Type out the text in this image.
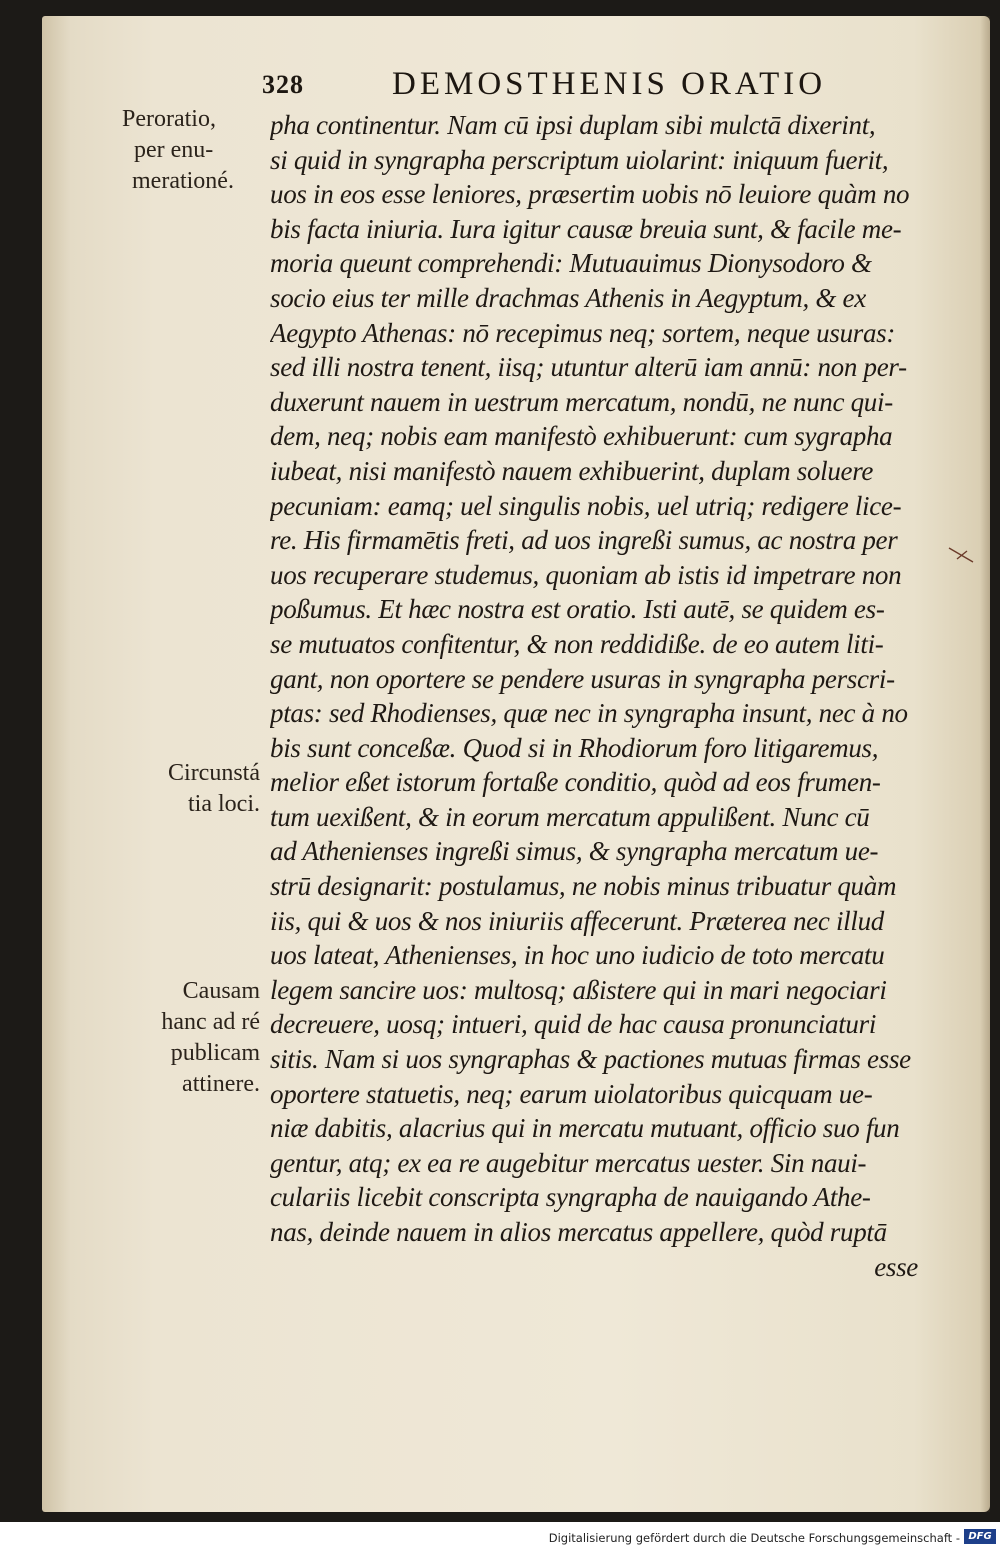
328	DEMOSTHENIS ORATIO
Peroratio,
per enu-
merationé.
Circunstá
tia loci.
Causam
hanc ad ré
publicam
attinere.
pha continentur. Nam cū ipsi duplam sibi mulctā dixerint,
si quid in syngrapha perscriptum uiolarint: iniquum fuerit,
uos in eos esse leniores, præsertim uobis nō leuiore quàm no
bis facta iniuria. Iura igitur causæ breuia sunt, & facile me-
moria queunt comprehendi: Mutuauimus Dionysodoro &
socio eius ter mille drachmas Athenis in Aegyptum, & ex
Aegypto Athenas: nō recepimus neq; sortem, neque usuras:
sed illi nostra tenent, iisq; utuntur alterū iam annū: non per-
duxerunt nauem in uestrum mercatum, nondū, ne nunc qui-
dem, neq; nobis eam manifestò exhibuerunt: cum sygrapha
iubeat, nisi manifestò nauem exhibuerint, duplam soluere
pecuniam: eamq; uel singulis nobis, uel utriq; redigere lice-
re. His firmamētis freti, ad uos ingreßi sumus, ac nostra per
uos recuperare studemus, quoniam ab istis id impetrare non
poßumus. Et hæc nostra est oratio. Isti autē, se quidem es-
se mutuatos confitentur, & non reddidiße. de eo autem liti-
gant, non oportere se pendere usuras in syngrapha perscri-
ptas: sed Rhodienses, quæ nec in syngrapha insunt, nec à no
bis sunt conceßæ. Quod si in Rhodiorum foro litigaremus,
melior eßet istorum fortaße conditio, quòd ad eos frumen-
tum uexißent, & in eorum mercatum appulißent. Nunc cū
ad Athenienses ingreßi simus, & syngrapha mercatum ue-
strū designarit: postulamus, ne nobis minus tribuatur quàm
iis, qui & uos & nos iniuriis affecerunt. Præterea nec illud
uos lateat, Athenienses, in hoc uno iudicio de toto mercatu
legem sancire uos: multosq; aßistere qui in mari negociari
decreuere, uosq; intueri, quid de hac causa pronunciaturi
sitis. Nam si uos syngraphas & pactiones mutuas firmas esse
oportere statuetis, neq; earum uiolatoribus quicquam ue-
niæ dabitis, alacrius qui in mercatu mutuant, officio suo fun
gentur, atq; ex ea re augebitur mercatus uester. Sin naui-
culariis licebit conscripta syngrapha de nauigando Athe-
nas, deinde nauem in alios mercatus appellere, quòd ruptā
esse
Digitalisierung gefördert durch die Deutsche Forschungsgemeinschaft - DFG
